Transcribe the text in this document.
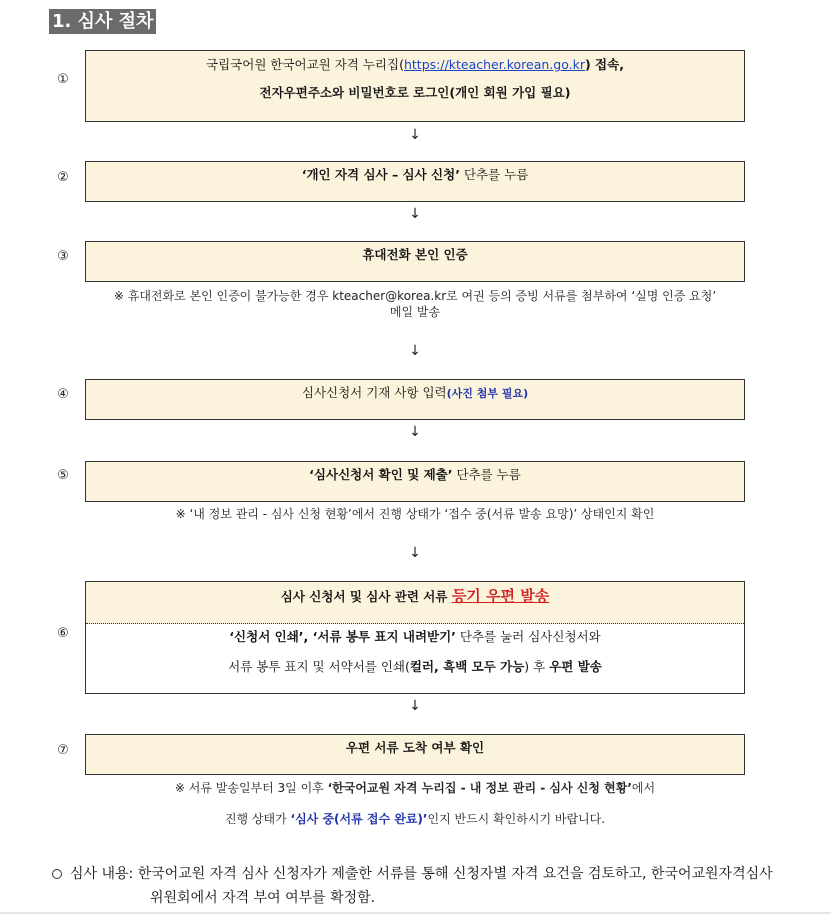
1. 심사 절차
①
국립국어원 한국어교원 자격 누리집(https://kteacher.korean.go.kr) 접속,
전자우편주소와 비밀번호로 로그인(개인 회원 가입 필요)
↓
②	‘개인 자격 심사 – 심사 신청’ 단추를 누름
↓
③	휴대전화 본인 인증
※ 휴대전화로 본인 인증이 불가능한 경우 kteacher@korea.kr로 여권 등의 증빙 서류를 첨부하여 ‘실명 인증 요청’
메일 발송
↓
④	심사신청서 기재 사항 입력(사진 첨부 필요)
↓
⑤	‘심사신청서 확인 및 제출’ 단추를 누름
※ ‘내 정보 관리 - 심사 신청 현황’에서 진행 상태가 ‘접수 중(서류 발송 요망)’ 상태인지 확인
↓
⑥
심사 신청서 및 심사 관련 서류 등기 우편 발송
‘신청서 인쇄’, ‘서류 봉투 표지 내려받기’ 단추를 눌러 심사신청서와
서류 봉투 표지 및 서약서를 인쇄(컬러, 흑백 모두 가능) 후 우편 발송
↓
⑦	우편 서류 도착 여부 확인
※ 서류 발송일부터 3일 이후 ‘한국어교원 자격 누리집 - 내 정보 관리 - 심사 신청 현황’에서
진행 상태가 ‘심사 중(서류 접수 완료)’인지 반드시 확인하시기 바랍니다.
심사 내용: 한국어교원 자격 심사 신청자가 제출한 서류를 통해 신청자별 자격 요건을 검토하고, 한국어교원자격심사
위원회에서 자격 부여 여부를 확정함.
